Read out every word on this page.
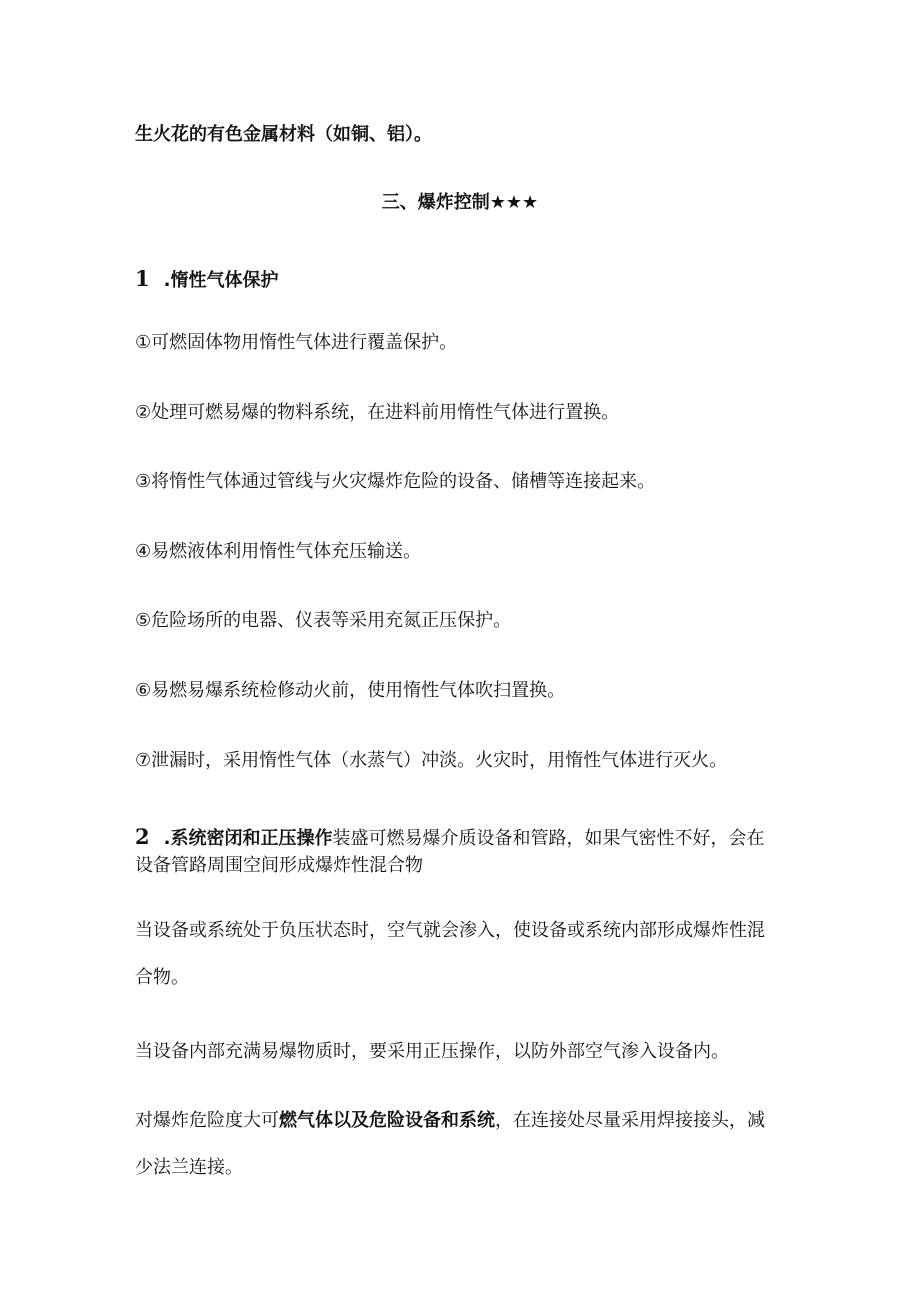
生火花的有色金属材料（如铜、铝）。
三、爆炸控制★★★
1 .惰性气体保护
①可燃固体物用惰性气体进行覆盖保护。
②处理可燃易爆的物料系统，在进料前用惰性气体进行置换。
③将惰性气体通过管线与火灾爆炸危险的设备、储槽等连接起来。
④易燃液体利用惰性气体充压输送。
⑤危险场所的电器、仪表等采用充氮正压保护。
⑥易燃易爆系统检修动火前，使用惰性气体吹扫置换。
⑦泄漏时，采用惰性气体（水蒸气）冲淡。火灾时，用惰性气体进行灭火。
2 .系统密闭和正压操作装盛可燃易爆介质设备和管路，如果气密性不好，会在
设备管路周围空间形成爆炸性混合物
当设备或系统处于负压状态时，空气就会渗入，使设备或系统内部形成爆炸性混
合物。
当设备内部充满易爆物质时，要采用正压操作，以防外部空气渗入设备内。
对爆炸危险度大可燃气体以及危险设备和系统，在连接处尽量采用焊接接头，减
少法兰连接。
